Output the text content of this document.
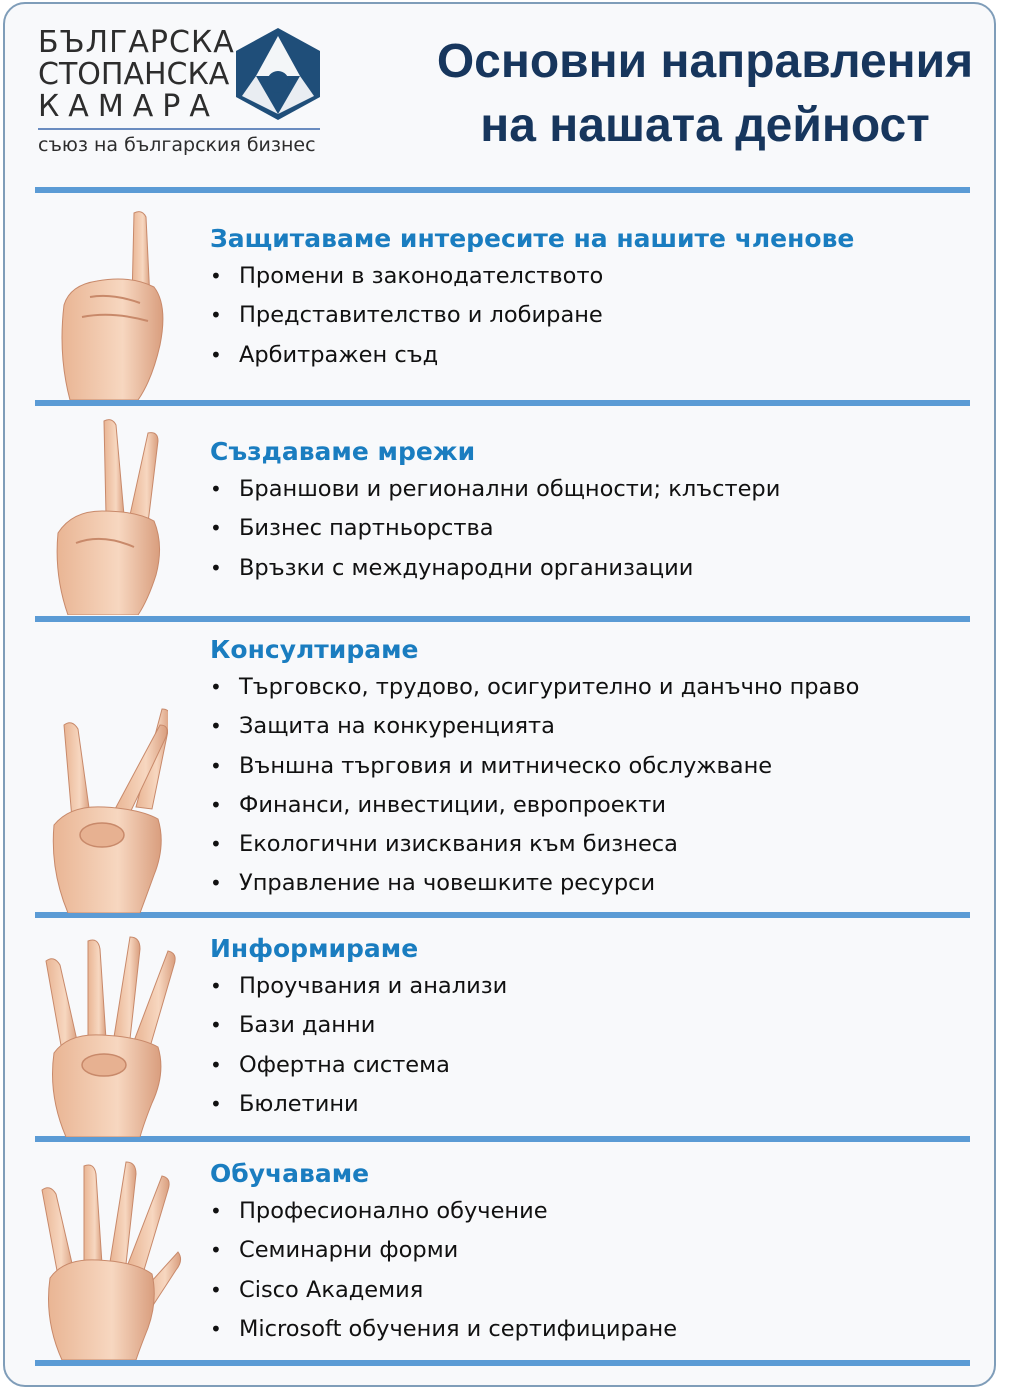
БЪЛГАРСКА
СТОПАНСКА
КАМАРА
съюз на българския бизнес
Основни направления
на нашата дейност
Защитаваме интересите на нашите членове
• Промени в законодателството
• Представителство и лобиране
• Арбитражен съд
Създаваме мрежи
• Браншови и регионални общности; клъстери
• Бизнес партньорства
• Връзки с международни организации
Консултираме
• Търговско, трудово, осигурително и данъчно право
• Защита на конкуренцията
• Външна търговия и митническо обслужване
• Финанси, инвестиции, европроекти
• Екологични изисквания към бизнеса
• Управление на човешките ресурси
Информираме
• Проучвания и анализи
• Бази данни
• Офертна система
• Бюлетини
Обучаваме
• Професионално обучение
• Семинарни форми
• Cisco Академия
• Microsoft обучения и сертифициране
